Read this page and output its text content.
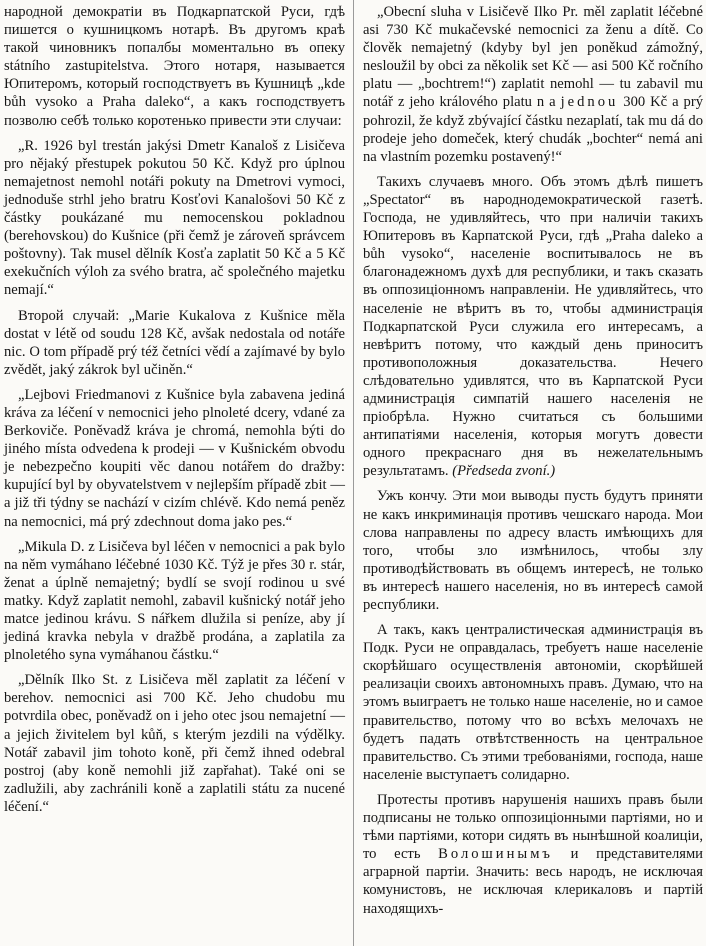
народной демократіи въ Подкарпатской Руси, гдѣ пишется о кушницкомъ нотарѣ. Въ другомъ краѣ такой чиновникъ попалбы моментально въ опеку státního zastupitelstva. Этого нотаря, называется Юпитеромъ, который господствуетъ въ Кушницѣ „kde bůh vysoko a Praha daleko“, а какъ господствуетъ позволю себѣ только коротенько привести эти случаи:

„R. 1926 byl trestán jakýsi Dmetr Kanaloš z Lisičeva pro nějaký přestupek pokutou 50 Kč. Když pro úplnou nemajetnost nemohl notáři pokuty na Dmetrovi vymoci, jednoduše strhl jeho bratru Kosťovi Kanalošovi 50 Kč z částky poukázané mu nemocenskou pokladnou (berehovskou) do Kušnice (při čemž je zároveň správcem poštovny). Tak musel dělník Kosťa zaplatit 50 Kč a 5 Kč exekučních výloh za svého bratra, ač společného majetku nemají.“

Второй случай: „Marie Kukalova z Kušnice měla dostat v létě od soudu 128 Kč, avšak nedostala od notáře nic. O tom případě prý též četníci vědí a zajímavé by bylo zvědět, jaký zákrok byl učiněn.“

„Lejbovi Friedmanovi z Kušnice byla zabavena jediná kráva za léčení v nemocnici jeho plnoleté dcery, vdané za Berkoviče. Poněvadž kráva je chromá, nemohla býti do jiného místa odvedena k prodeji — v Kušnickém obvodu je nebezpečno koupiti věc danou notářem do dražby: kupující byl by obyvatelstvem v nejlepším případě zbit — a již tři týdny se nachází v cizím chlévě. Kdo nemá peněz na nemocnici, má prý zdechnout doma jako pes.“

„Mikula D. z Lisičeva byl léčen v nemocnici a pak bylo na něm vymáhano léčebné 1030 Kč. Týž je přes 30 r. stár, ženat a úplně nemajetný; bydlí se svojí rodinou u své matky. Když zaplatit nemohl, zabavil kušnický notář jeho matce jedinou krávu. S nářkem dlužila si peníze, aby jí jediná kravka nebyla v dražbě prodána, a zaplatila za plnoletého syna vymáhanou částku.“

„Dělník Ilko St. z Lisičeva měl zaplatit za léčení v berehov. nemocnici asi 700 Kč. Jeho chudobu mu potvrdila obec, poněvadž on i jeho otec jsou nemajetní — a jejich živitelem byl kůň, s kterým jezdili na výdělky. Notář zabavil jim tohoto koně, při čemž ihned odebral postroj (aby koně nemohli již zapřahat). Také oni se zadlužili, aby zachránili koně a zaplatili státu za nucené léčení.“

„Obecní sluha v Lisičevě Ilko Pr. měl zaplatit léčebné asi 730 Kč mukačevské nemocnici za ženu a dítě. Co člověk nemajetný (kdyby byl jen poněkud zámožný, nesloužil by obci za několik set Kč — asi 500 Kč ročního platu — „bochtrem!“) zaplatit nemohl — tu zabavil mu notář z jeho králového platu n a jednou 300 Kč a prý pohrozil, že když zbývající částku nezaplatí, tak mu dá do prodeje jeho domeček, který chudák „bochter“ nemá ani na vlastním pozemku postavený!“

Такихъ случаевъ много. Объ этомъ дѣлѣ пишетъ „Spectator“ въ народнодемократической газетѣ. Господа, не удивляйтесь, что при наличіи такихъ Юпитеровъ въ Карпатской Руси, гдѣ „Praha daleko a bůh vysoko“, населеніе воспитывалось не въ благонадежномъ духѣ для республики, и такъ сказать въ оппозиціонномъ направленіи. Не удивляйтесь, что населеніе не вѣритъ въ то, чтобы администрація Подкарпатской Руси служила его интересамъ, а невѣритъ потому, что каждый день приноситъ противоположныя доказательства. Нечего слѣдовательно удивлятся, что въ Карпатской Руси администрація симпатій нашего населенія не пріобрѣла. Нужно считаться съ большими антипатіями населенія, которыя могутъ довести одного прекраснаго дня въ нежелательнымъ результатамъ. (Předseda zvoní.)

Ужъ кончу. Эти мои выводы пусть будутъ приняти не какъ инкриминація противъ чешскаго народа. Мои слова направлены по адресу власть имѣющихъ для того, чтобы зло измѣнилось, чтобы злу противодѣйствовать въ общемъ интересѣ, не только въ интересѣ нашего населенія, но въ интересѣ самой республики.

А такъ, какъ централистическая администрація въ Подк. Руси не оправдалась, требуетъ наше населеніе скорѣйшаго осуществленія автономіи, скорѣйшей реализаціи своихъ автономныхъ правъ. Думаю, что на этомъ выиграетъ не только наше населеніе, но и самое правительство, потому что во всѣхъ мелочахъ не будетъ падать отвѣтственность на центральное правительство. Съ этими требованіями, господа, наше населеніе выступаетъ солидарно.

Протесты противъ нарушенія нашихъ правъ были подписаны не только оппозиціонными партіями, но и тѣми партіями, котори сидять въ нынѣшной коалиціи, то есть Волошинымъ и представителями аграрной партіи. Значить: весь народъ, не исключая комунистовъ, не исключая клерикаловъ и партій находящихъ-
